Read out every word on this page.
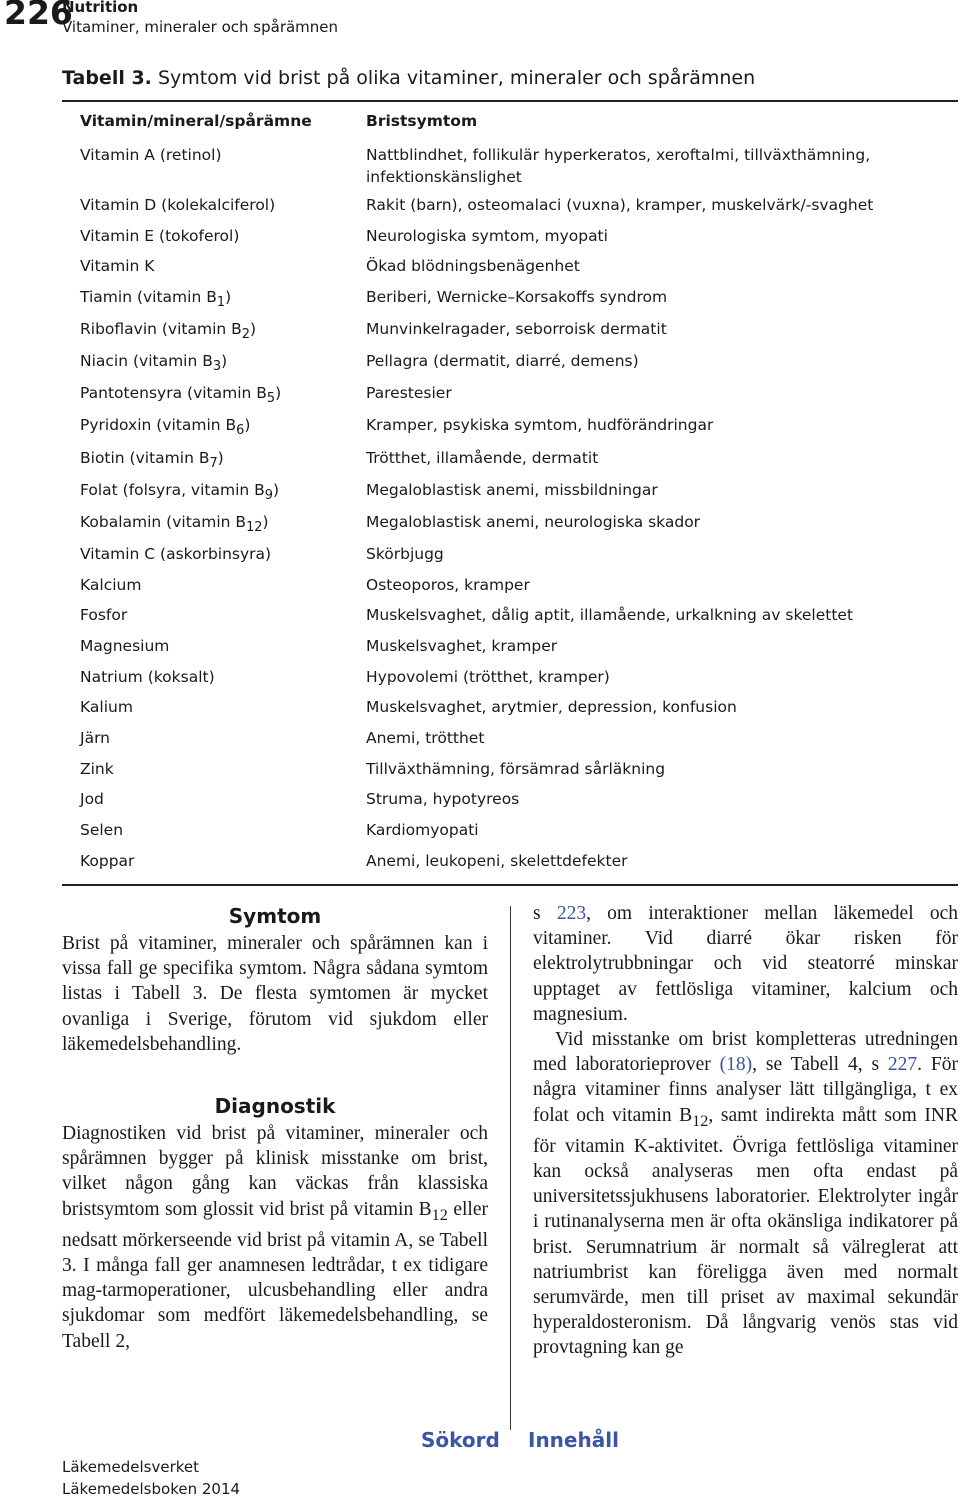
226
Nutrition
Vitaminer, mineraler och spårämnen
Tabell 3. Symtom vid brist på olika vitaminer, mineraler och spårämnen
Vitamin/mineral/spårämne	Bristsymtom
Vitamin A (retinol)	Nattblindhet, follikulär hyperkeratos, xeroftalmi, tillväxthämning, infektionskänslighet
Vitamin D (kolekalciferol)	Rakit (barn), osteomalaci (vuxna), kramper, muskelvärk/-svaghet
Vitamin E (tokoferol)	Neurologiska symtom, myopati
Vitamin K	Ökad blödningsbenägenhet
Tiamin (vitamin $B_1$)	Beriberi, Wernicke–Korsakoffs syndrom
Riboflavin (vitamin $B_2$)	Munvinkelragader, seborroisk dermatit
Niacin (vitamin $B_3$)	Pellagra (dermatit, diarré, demens)
Pantotensyra (vitamin $B_5$)	Parestesier
Pyridoxin (vitamin $B_6$)	Kramper, psykiska symtom, hudförändringar
Biotin (vitamin $B_7$)	Trötthet, illamående, dermatit
Folat (folsyra, vitamin $B_9$)	Megaloblastisk anemi, missbildningar
Kobalamin (vitamin $B_{12}$)	Megaloblastisk anemi, neurologiska skador
Vitamin C (askorbinsyra)	Skörbjugg
Kalcium	Osteoporos, kramper
Fosfor	Muskelsvaghet, dålig aptit, illamående, urkalkning av skelettet
Magnesium	Muskelsvaghet, kramper
Natrium (koksalt)	Hypovolemi (trötthet, kramper)
Kalium	Muskelsvaghet, arytmier, depression, konfusion
Järn	Anemi, trötthet
Zink	Tillväxthämning, försämrad sårläkning
Jod	Struma, hypotyreos
Selen	Kardiomyopati
Koppar	Anemi, leukopeni, skelettdefekter
Symtom

Brist på vitaminer, mineraler och spårämnen kan i vissa fall ge specifika symtom. Några sådana symtom listas i Tabell 3. De flesta symtomen är mycket ovanliga i Sverige, förutom vid sjukdom eller läkemedelsbehandling.

Diagnostik

Diagnostiken vid brist på vitaminer, mineraler och spårämnen bygger på klinisk misstanke om brist, vilket någon gång kan väckas från klassiska bristsymtom som glossit vid brist på vitamin $B_{12}$ eller nedsatt mörkerseende vid brist på vitamin A, se Tabell 3. I många fall ger anamnesen ledtrådar, t ex tidigare mag-tarmoperationer, ulcusbehandling eller andra sjukdomar som medfört läkemedelsbehandling, se Tabell 2,

s 223, om interaktioner mellan läkemedel och vitaminer. Vid diarré ökar risken för elektrolytrubbningar och vid steatorré minskar upptaget av fettlösliga vitaminer, kalcium och magnesium.

Vid misstanke om brist kompletteras utredningen med laboratorieprover (18), se Tabell 4, s 227. För några vitaminer finns analyser lätt tillgängliga, t ex folat och vitamin $B_{12}$, samt indirekta mått som INR för vitamin K-aktivitet. Övriga fettlösliga vitaminer kan också analyseras men ofta endast på universitetssjukhusens laboratorier. Elektrolyter ingår i rutinanalyserna men är ofta okänsliga indikatorer på brist. Serumnatrium är normalt så välreglerat att natriumbrist kan föreligga även med normalt serumvärde, men till priset av maximal sekundär hyperaldosteronism. Då långvarig venös stas vid provtagning kan ge

Sökord Innehåll
Läkemedelsverket
Läkemedelsboken 2014
